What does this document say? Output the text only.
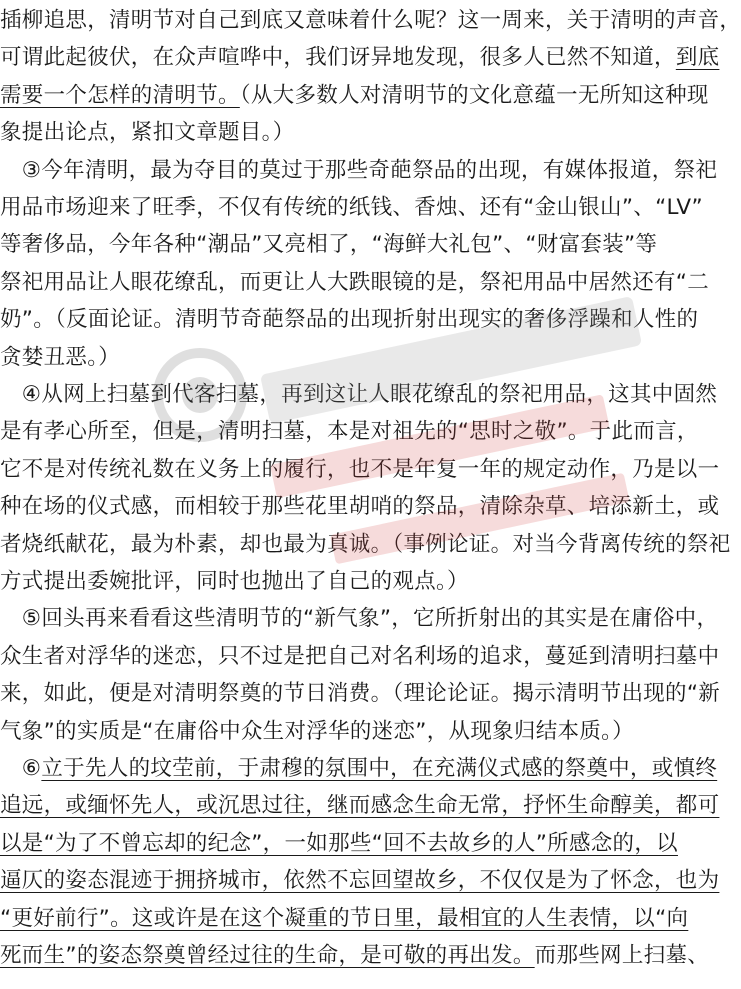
插柳追思，清明节对自己到底又意味着什么呢？这一周来，关于清明的声音，
可谓此起彼伏，在众声喧哗中，我们讶异地发现，很多人已然不知道，到底
需要一个怎样的清明节。（从大多数人对清明节的文化意蕴一无所知这种现
象提出论点，紧扣文章题目。）
　③今年清明，最为夺目的莫过于那些奇葩祭品的出现，有媒体报道，祭祀
用品市场迎来了旺季，不仅有传统的纸钱、香烛、还有“金山银山”、“LV”
等奢侈品，今年各种“潮品”又亮相了，“海鲜大礼包”、“财富套装”等
祭祀用品让人眼花缭乱，而更让人大跌眼镜的是，祭祀用品中居然还有“二
奶”。（反面论证。清明节奇葩祭品的出现折射出现实的奢侈浮躁和人性的
贪婪丑恶。）
　④从网上扫墓到代客扫墓，再到这让人眼花缭乱的祭祀用品，这其中固然
是有孝心所至，但是，清明扫墓，本是对祖先的“思时之敬”。于此而言，
它不是对传统礼数在义务上的履行，也不是年复一年的规定动作，乃是以一
种在场的仪式感，而相较于那些花里胡哨的祭品，清除杂草、培添新土，或
者烧纸献花，最为朴素，却也最为真诚。（事例论证。对当今背离传统的祭祀
方式提出委婉批评，同时也抛出了自己的观点。）
　⑤回头再来看看这些清明节的“新气象”，它所折射出的其实是在庸俗中，
众生者对浮华的迷恋，只不过是把自己对名利场的追求，蔓延到清明扫墓中
来，如此，便是对清明祭奠的节日消费。（理论论证。揭示清明节出现的“新
气象”的实质是“在庸俗中众生对浮华的迷恋”，从现象归结本质。）
　⑥立于先人的坟茔前，于肃穆的氛围中，在充满仪式感的祭奠中，或慎终
追远，或缅怀先人，或沉思过往，继而感念生命无常，抒怀生命醇美，都可
以是“为了不曾忘却的纪念”，一如那些“回不去故乡的人”所感念的，以
逼仄的姿态混迹于拥挤城市，依然不忘回望故乡，不仅仅是为了怀念，也为
“更好前行”。这或许是在这个凝重的节日里，最相宜的人生表情，以“向
死而生”的姿态祭奠曾经过往的生命，是可敬的再出发。而那些网上扫墓、
